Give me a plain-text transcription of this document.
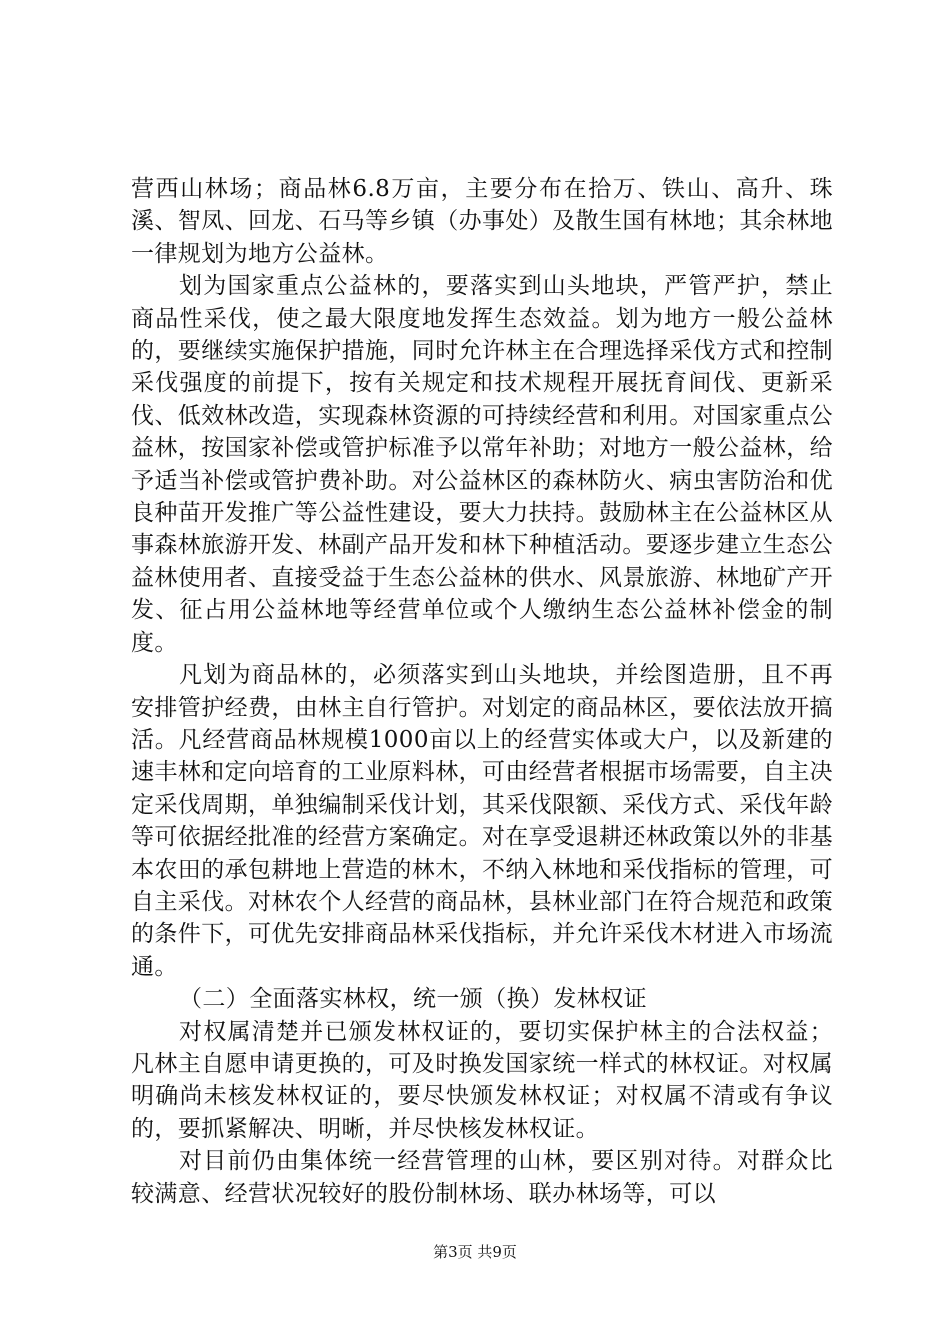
营西山林场；商品林6.8万亩，主要分布在拾万、铁山、高升、珠溪、智凤、回龙、石马等乡镇（办事处）及散生国有林地；其余林地一律规划为地方公益林。

划为国家重点公益林的，要落实到山头地块，严管严护，禁止商品性采伐，使之最大限度地发挥生态效益。划为地方一般公益林的，要继续实施保护措施，同时允许林主在合理选择采伐方式和控制采伐强度的前提下，按有关规定和技术规程开展抚育间伐、更新采伐、低效林改造，实现森林资源的可持续经营和利用。对国家重点公益林，按国家补偿或管护标准予以常年补助；对地方一般公益林，给予适当补偿或管护费补助。对公益林区的森林防火、病虫害防治和优良种苗开发推广等公益性建设，要大力扶持。鼓励林主在公益林区从事森林旅游开发、林副产品开发和林下种植活动。要逐步建立生态公益林使用者、直接受益于生态公益林的供水、风景旅游、林地矿产开发、征占用公益林地等经营单位或个人缴纳生态公益林补偿金的制度。

凡划为商品林的，必须落实到山头地块，并绘图造册，且不再安排管护经费，由林主自行管护。对划定的商品林区，要依法放开搞活。凡经营商品林规模1000亩以上的经营实体或大户，以及新建的速丰林和定向培育的工业原料林，可由经营者根据市场需要，自主决定采伐周期，单独编制采伐计划，其采伐限额、采伐方式、采伐年龄等可依据经批准的经营方案确定。对在享受退耕还林政策以外的非基本农田的承包耕地上营造的林木，不纳入林地和采伐指标的管理，可自主采伐。对林农个人经营的商品林，县林业部门在符合规范和政策的条件下，可优先安排商品林采伐指标，并允许采伐木材进入市场流通。

（二）全面落实林权，统一颁（换）发林权证

对权属清楚并已颁发林权证的，要切实保护林主的合法权益；凡林主自愿申请更换的，可及时换发国家统一样式的林权证。对权属明确尚未核发林权证的，要尽快颁发林权证；对权属不清或有争议的，要抓紧解决、明晰，并尽快核发林权证。

对目前仍由集体统一经营管理的山林，要区别对待。对群众比较满意、经营状况较好的股份制林场、联办林场等，可以

第3页 共9页
